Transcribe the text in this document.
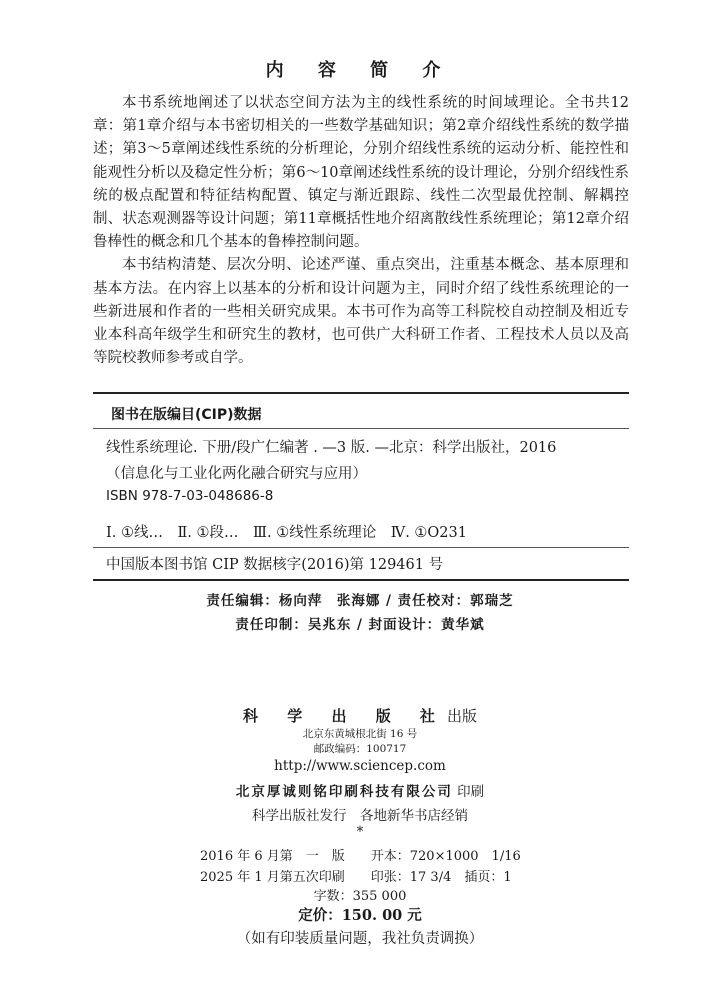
内 容 简 介

本书系统地阐述了以状态空间方法为主的线性系统的时间域理论。全书共12章：第1章介绍与本书密切相关的一些数学基础知识；第2章介绍线性系统的数学描述；第3～5章阐述线性系统的分析理论，分别介绍线性系统的运动分析、能控性和能观性分析以及稳定性分析；第6～10章阐述线性系统的设计理论，分别介绍线性系统的极点配置和特征结构配置、镇定与渐近跟踪、线性二次型最优控制、解耦控制、状态观测器等设计问题；第11章概括性地介绍离散线性系统理论；第12章介绍鲁棒性的概念和几个基本的鲁棒控制问题。

本书结构清楚、层次分明、论述严谨、重点突出，注重基本概念、基本原理和基本方法。在内容上以基本的分析和设计问题为主，同时介绍了线性系统理论的一些新进展和作者的一些相关研究成果。本书可作为高等工科院校自动控制及相近专业本科高年级学生和研究生的教材，也可供广大科研工作者、工程技术人员以及高等院校教师参考或自学。

图书在版编目(CIP)数据
线性系统理论. 下册/段广仁编著 . —3 版. —北京：科学出版社，2016
（信息化与工业化两化融合研究与应用）
ISBN 978-7-03-048686-8
Ⅰ. ①线…　Ⅱ. ①段…　Ⅲ. ①线性系统理论　Ⅳ. ①O231
中国版本图书馆 CIP 数据核字(2016)第 129461 号
责任编辑：杨向萍　张海娜 / 责任校对：郭瑞芝
责任印制：吴兆东 / 封面设计：黄华斌
科 学 出 版 社出版
北京东黄城根北街 16 号
邮政编码：100717
http://www.sciencep.com
北京厚诚则铭印刷科技有限公司 印刷
科学出版社发行　各地新华书店经销
*
2016 年 6 月第　一　版　　开本：720×1000　1/16
2025 年 1 月第五次印刷　　印张：17 3/4　插页：1
字数：355 000
定价：150. 00 元
（如有印装质量问题，我社负责调换）
